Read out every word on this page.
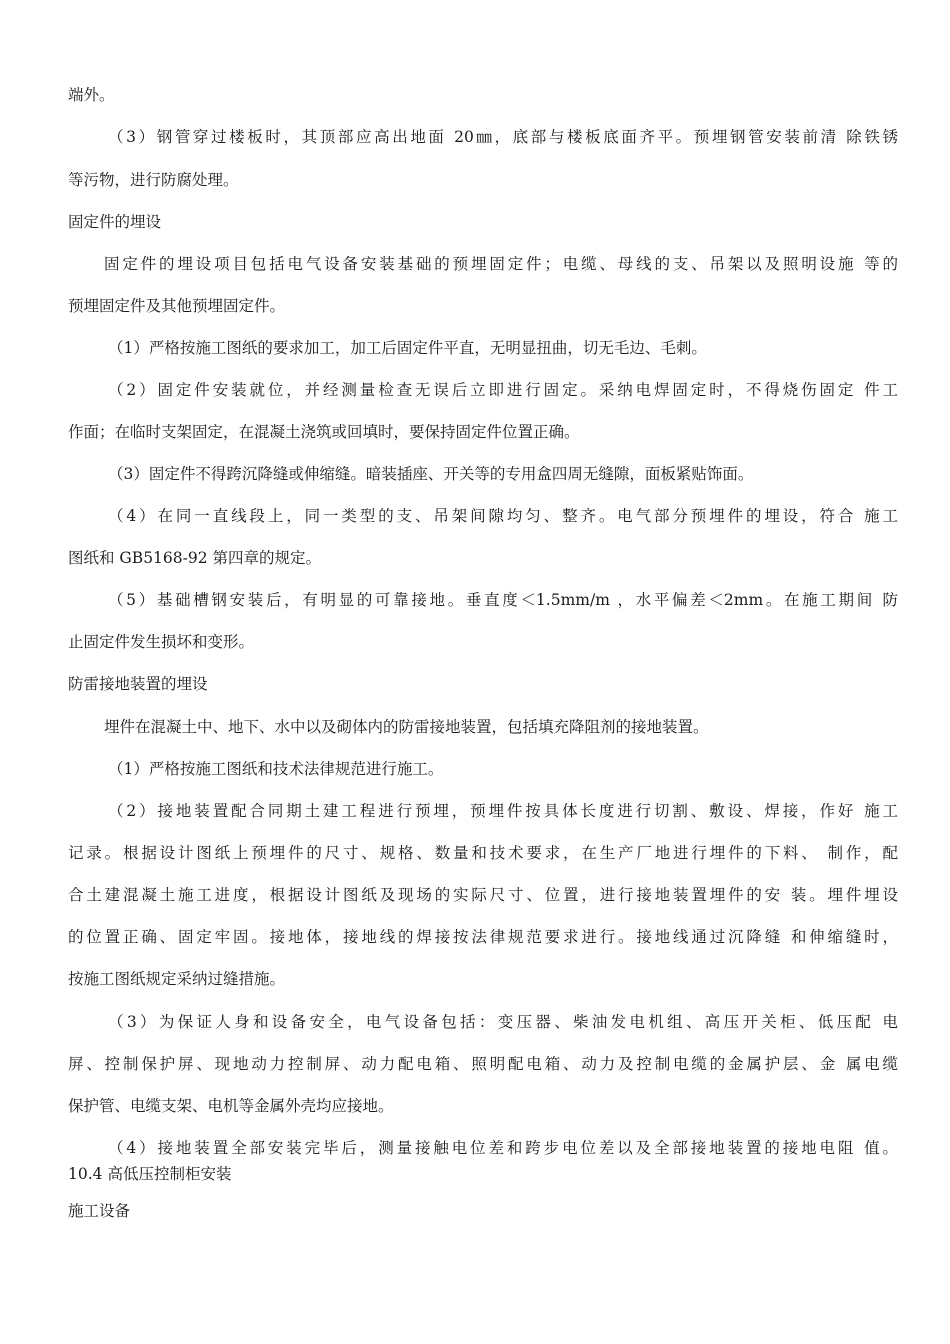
端外。
（3）钢管穿过楼板时，其顶部应高出地面 20㎜，底部与楼板底面齐平。预埋钢管安装前清 除铁锈
等污物，进行防腐处理。
固定件的埋设
固定件的埋设项目包括电气设备安装基础的预埋固定件；电缆、母线的支、吊架以及照明设施 等的
预埋固定件及其他预埋固定件。
（1）严格按施工图纸的要求加工，加工后固定件平直，无明显扭曲，切无毛边、毛刺。
（2）固定件安装就位，并经测量检查无误后立即进行固定。采纳电焊固定时，不得烧伤固定 件工
作面；在临时支架固定，在混凝土浇筑或回填时，要保持固定件位置正确。
（3）固定件不得跨沉降缝或伸缩缝。暗装插座、开关等的专用盒四周无缝隙，面板紧贴饰面。
（4）在同一直线段上，同一类型的支、吊架间隙均匀、整齐。电气部分预埋件的埋设，符合 施工
图纸和 GB5168-92 第四章的规定。
（5）基础槽钢安装后，有明显的可靠接地。垂直度＜1.5mm/m ，水平偏差＜2mm。在施工期间 防
止固定件发生损坏和变形。
防雷接地装置的埋设
埋件在混凝土中、地下、水中以及砌体内的防雷接地装置，包括填充降阻剂的接地装置。
（1）严格按施工图纸和技术法律规范进行施工。
（2）接地装置配合同期土建工程进行预埋，预埋件按具体长度进行切割、敷设、焊接，作好 施工
记录。根据设计图纸上预埋件的尺寸、规格、数量和技术要求，在生产厂地进行埋件的下料、 制作，配
合土建混凝土施工进度，根据设计图纸及现场的实际尺寸、位置，进行接地装置埋件的安 装。埋件埋设
的位置正确、固定牢固。接地体，接地线的焊接按法律规范要求进行。接地线通过沉降缝 和伸缩缝时，
按施工图纸规定采纳过缝措施。
（3）为保证人身和设备安全，电气设备包括：变压器、柴油发电机组、高压开关柜、低压配 电
屏、控制保护屏、现地动力控制屏、动力配电箱、照明配电箱、动力及控制电缆的金属护层、金 属电缆
保护管、电缆支架、电机等金属外壳均应接地。
（4）接地装置全部安装完毕后，测量接触电位差和跨步电位差以及全部接地装置的接地电阻 值。
10.4 高低压控制柜安装
施工设备
